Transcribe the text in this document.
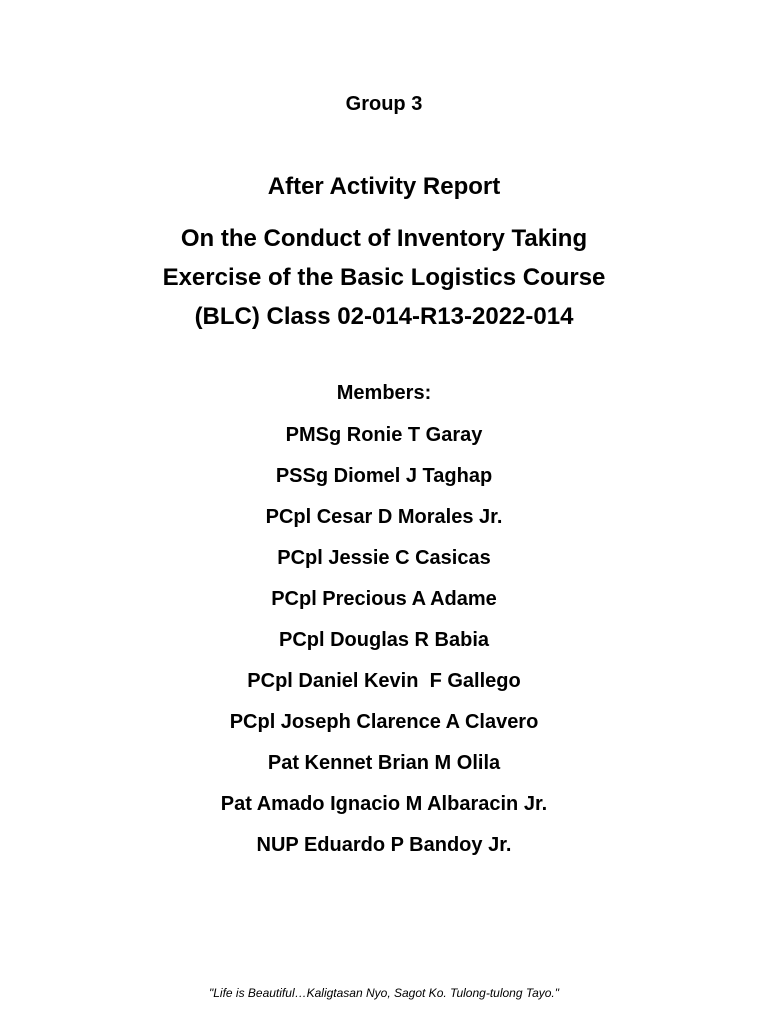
Group 3
After Activity Report
On the Conduct of Inventory Taking
Exercise of the Basic Logistics Course
(BLC) Class 02-014-R13-2022-014
Members:
PMSg Ronie T Garay
PSSg Diomel J Taghap
PCpl Cesar D Morales Jr.
PCpl Jessie C Casicas
PCpl Precious A Adame
PCpl Douglas R Babia
PCpl Daniel Kevin  F Gallego
PCpl Joseph Clarence A Clavero
Pat Kennet Brian M Olila
Pat Amado Ignacio M Albaracin Jr.
NUP Eduardo P Bandoy Jr.
"Life is Beautiful…Kaligtasan Nyo, Sagot Ko. Tulong-tulong Tayo."
